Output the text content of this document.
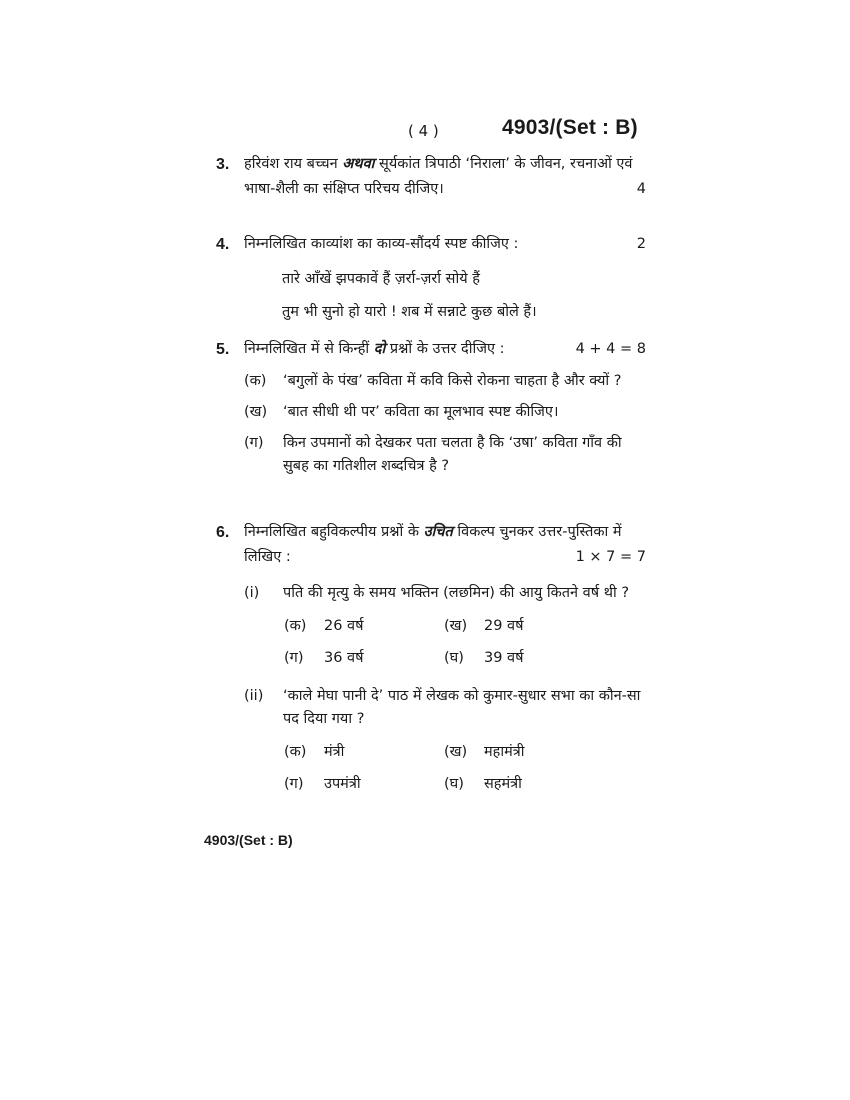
( 4 )	4903/(Set : B)
3. हरिवंश राय बच्चन अथवा सूर्यकांत त्रिपाठी ‘निराला’ के जीवन, रचनाओं एवं भाषा-शैली का संक्षिप्त परिचय दीजिए।	4
4. निम्नलिखित काव्यांश का काव्य-सौंदर्य स्पष्ट कीजिए :	2
तारे आँखें झपकावें हैं ज़र्रा-ज़र्रा सोये हैं
तुम भी सुनो हो यारो ! शब में सन्नाटे कुछ बोले हैं।
5. निम्नलिखित में से किन्हीं दो प्रश्नों के उत्तर दीजिए :	4 + 4 = 8
(क) ‘बगुलों के पंख’ कविता में कवि किसे रोकना चाहता है और क्यों ?
(ख) ‘बात सीधी थी पर’ कविता का मूलभाव स्पष्ट कीजिए।
(ग) किन उपमानों को देखकर पता चलता है कि ‘उषा’ कविता गाँव की सुबह का गतिशील शब्दचित्र है ?
6. निम्नलिखित बहुविकल्पीय प्रश्नों के उचित विकल्प चुनकर उत्तर-पुस्तिका में लिखिए :	1 × 7 = 7
(i) पति की मृत्यु के समय भक्तिन (लछमिन) की आयु कितने वर्ष थी ?
(क) 26 वर्ष	(ख) 29 वर्ष
(ग) 36 वर्ष	(घ) 39 वर्ष
(ii) ‘काले मेघा पानी दे’ पाठ में लेखक को कुमार-सुधार सभा का कौन-सा पद दिया गया ?
(क) मंत्री	(ख) महामंत्री
(ग) उपमंत्री	(घ) सहमंत्री
4903/(Set : B)
